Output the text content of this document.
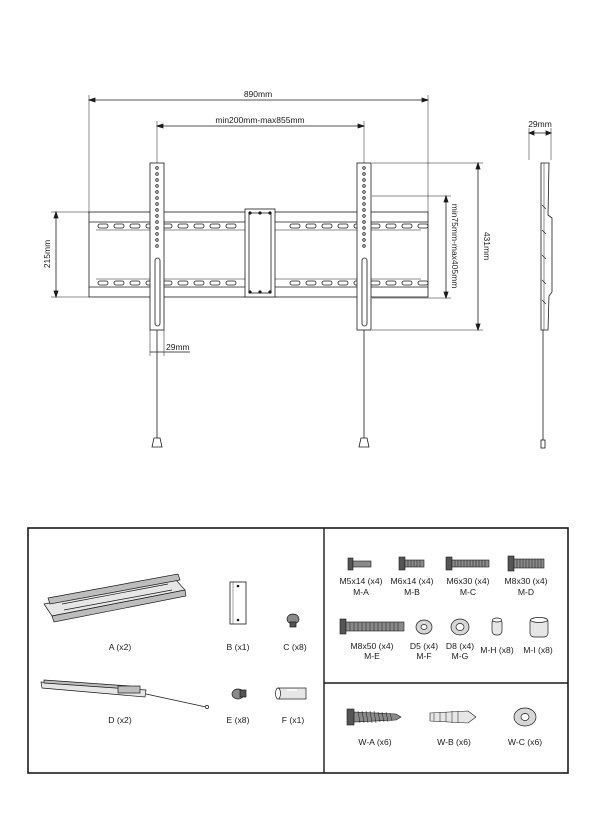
890mm
min200mm-max855mm
215mm	min75mm-max405mm	431mm
29mm
29mm
A (x2)	B (x1)	C (x8)
D (x2)	E (x8)	F (x1)
M5x14 (x4)
M-A
M6x14 (x4)
M-B
M6x30 (x4)
M-C
M8x30 (x4)
M-D
M8x50 (x4)
M-E
D5 (x4)
M-F
D8 (x4)
M-G
M-H (x8) M-I (x8)
W-A (x6)	W-B (x6)	W-C (x6)
